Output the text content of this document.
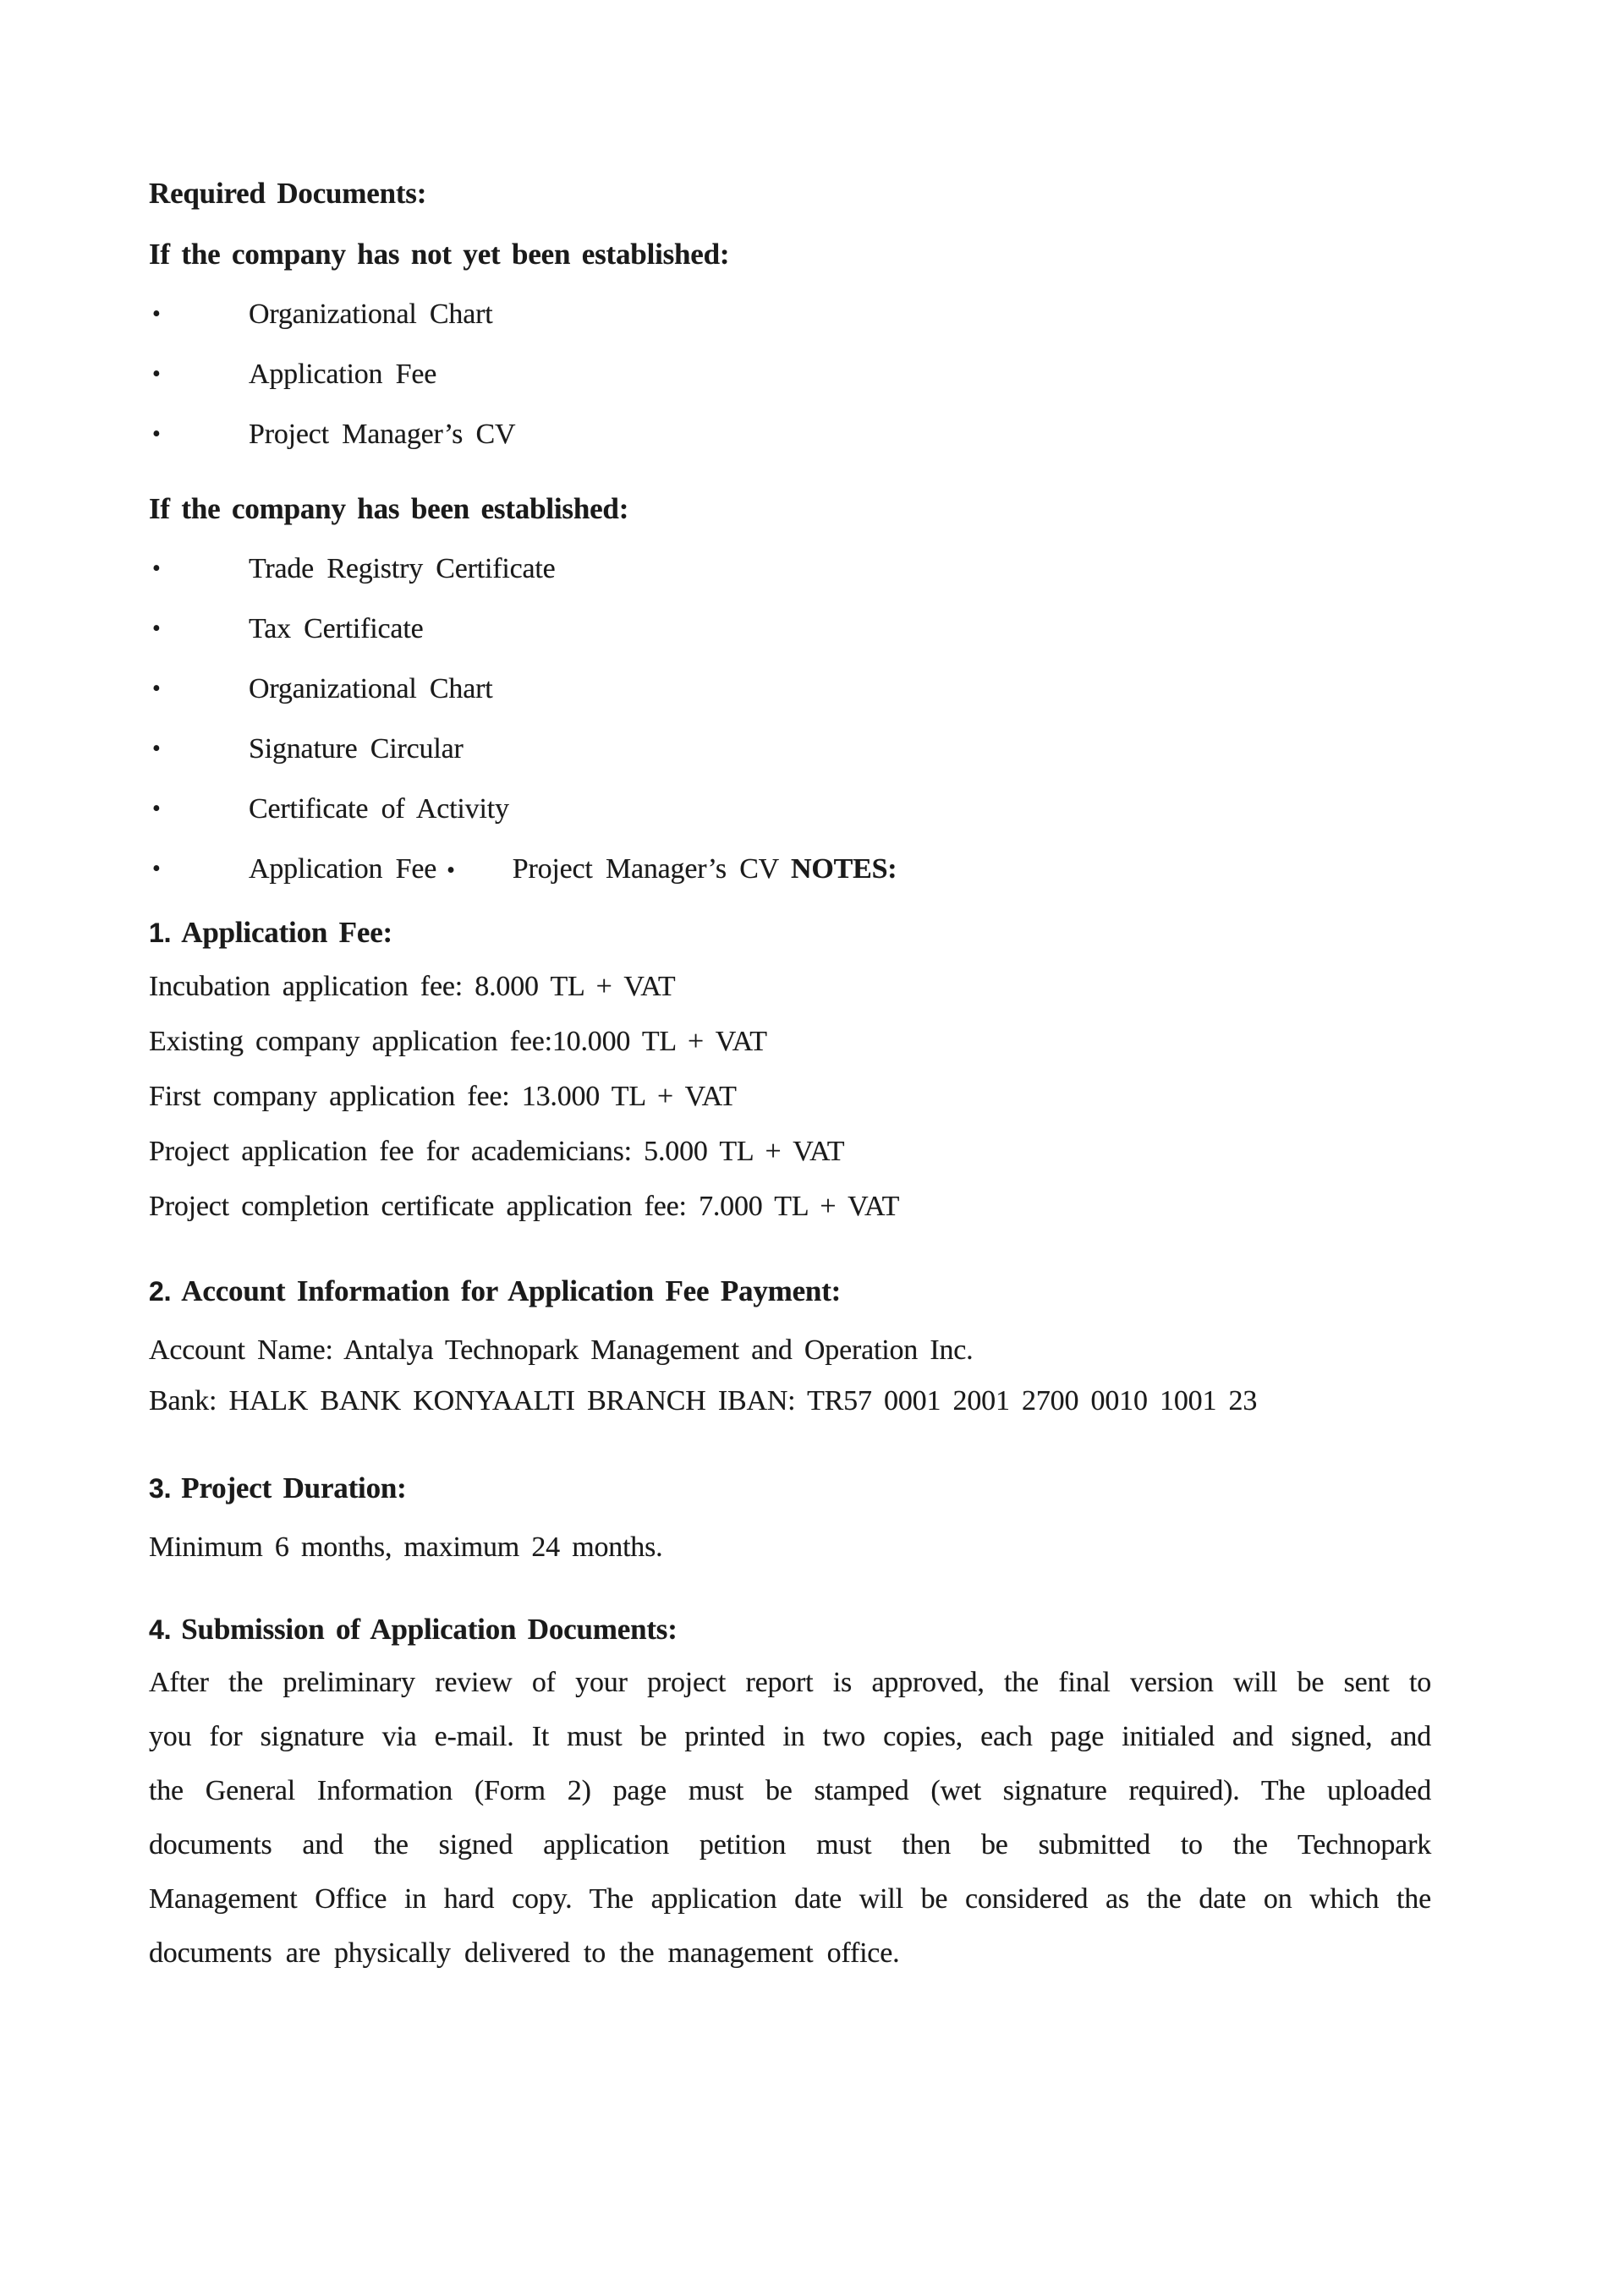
Required Documents:
If the company has not yet been established:
•	Organizational Chart
•	Application Fee
•	Project Manager’s CV
If the company has been established:
•	Trade Registry Certificate
•	Tax Certificate
•	Organizational Chart
•	Signature Circular
•	Certificate of Activity
•	Application Fee • Project Manager’s CV NOTES:
1. Application Fee:
Incubation application fee: 8.000 TL + VAT
Existing company application fee:10.000 TL + VAT
First company application fee: 13.000 TL + VAT
Project application fee for academicians: 5.000 TL + VAT
Project completion certificate application fee: 7.000 TL + VAT
2. Account Information for Application Fee Payment:
Account Name: Antalya Technopark Management and Operation Inc.
Bank: HALK BANK KONYAALTI BRANCH IBAN: TR57 0001 2001 2700 0010 1001 23
3. Project Duration:
Minimum 6 months, maximum 24 months.
4. Submission of Application Documents:
After the preliminary review of your project report is approved, the final version will be sent to
you for signature via e-mail. It must be printed in two copies, each page initialed and signed, and
the General Information (Form 2) page must be stamped (wet signature required). The uploaded
documents and the signed application petition must then be submitted to the Technopark
Management Office in hard copy. The application date will be considered as the date on which the
documents are physically delivered to the management office.
